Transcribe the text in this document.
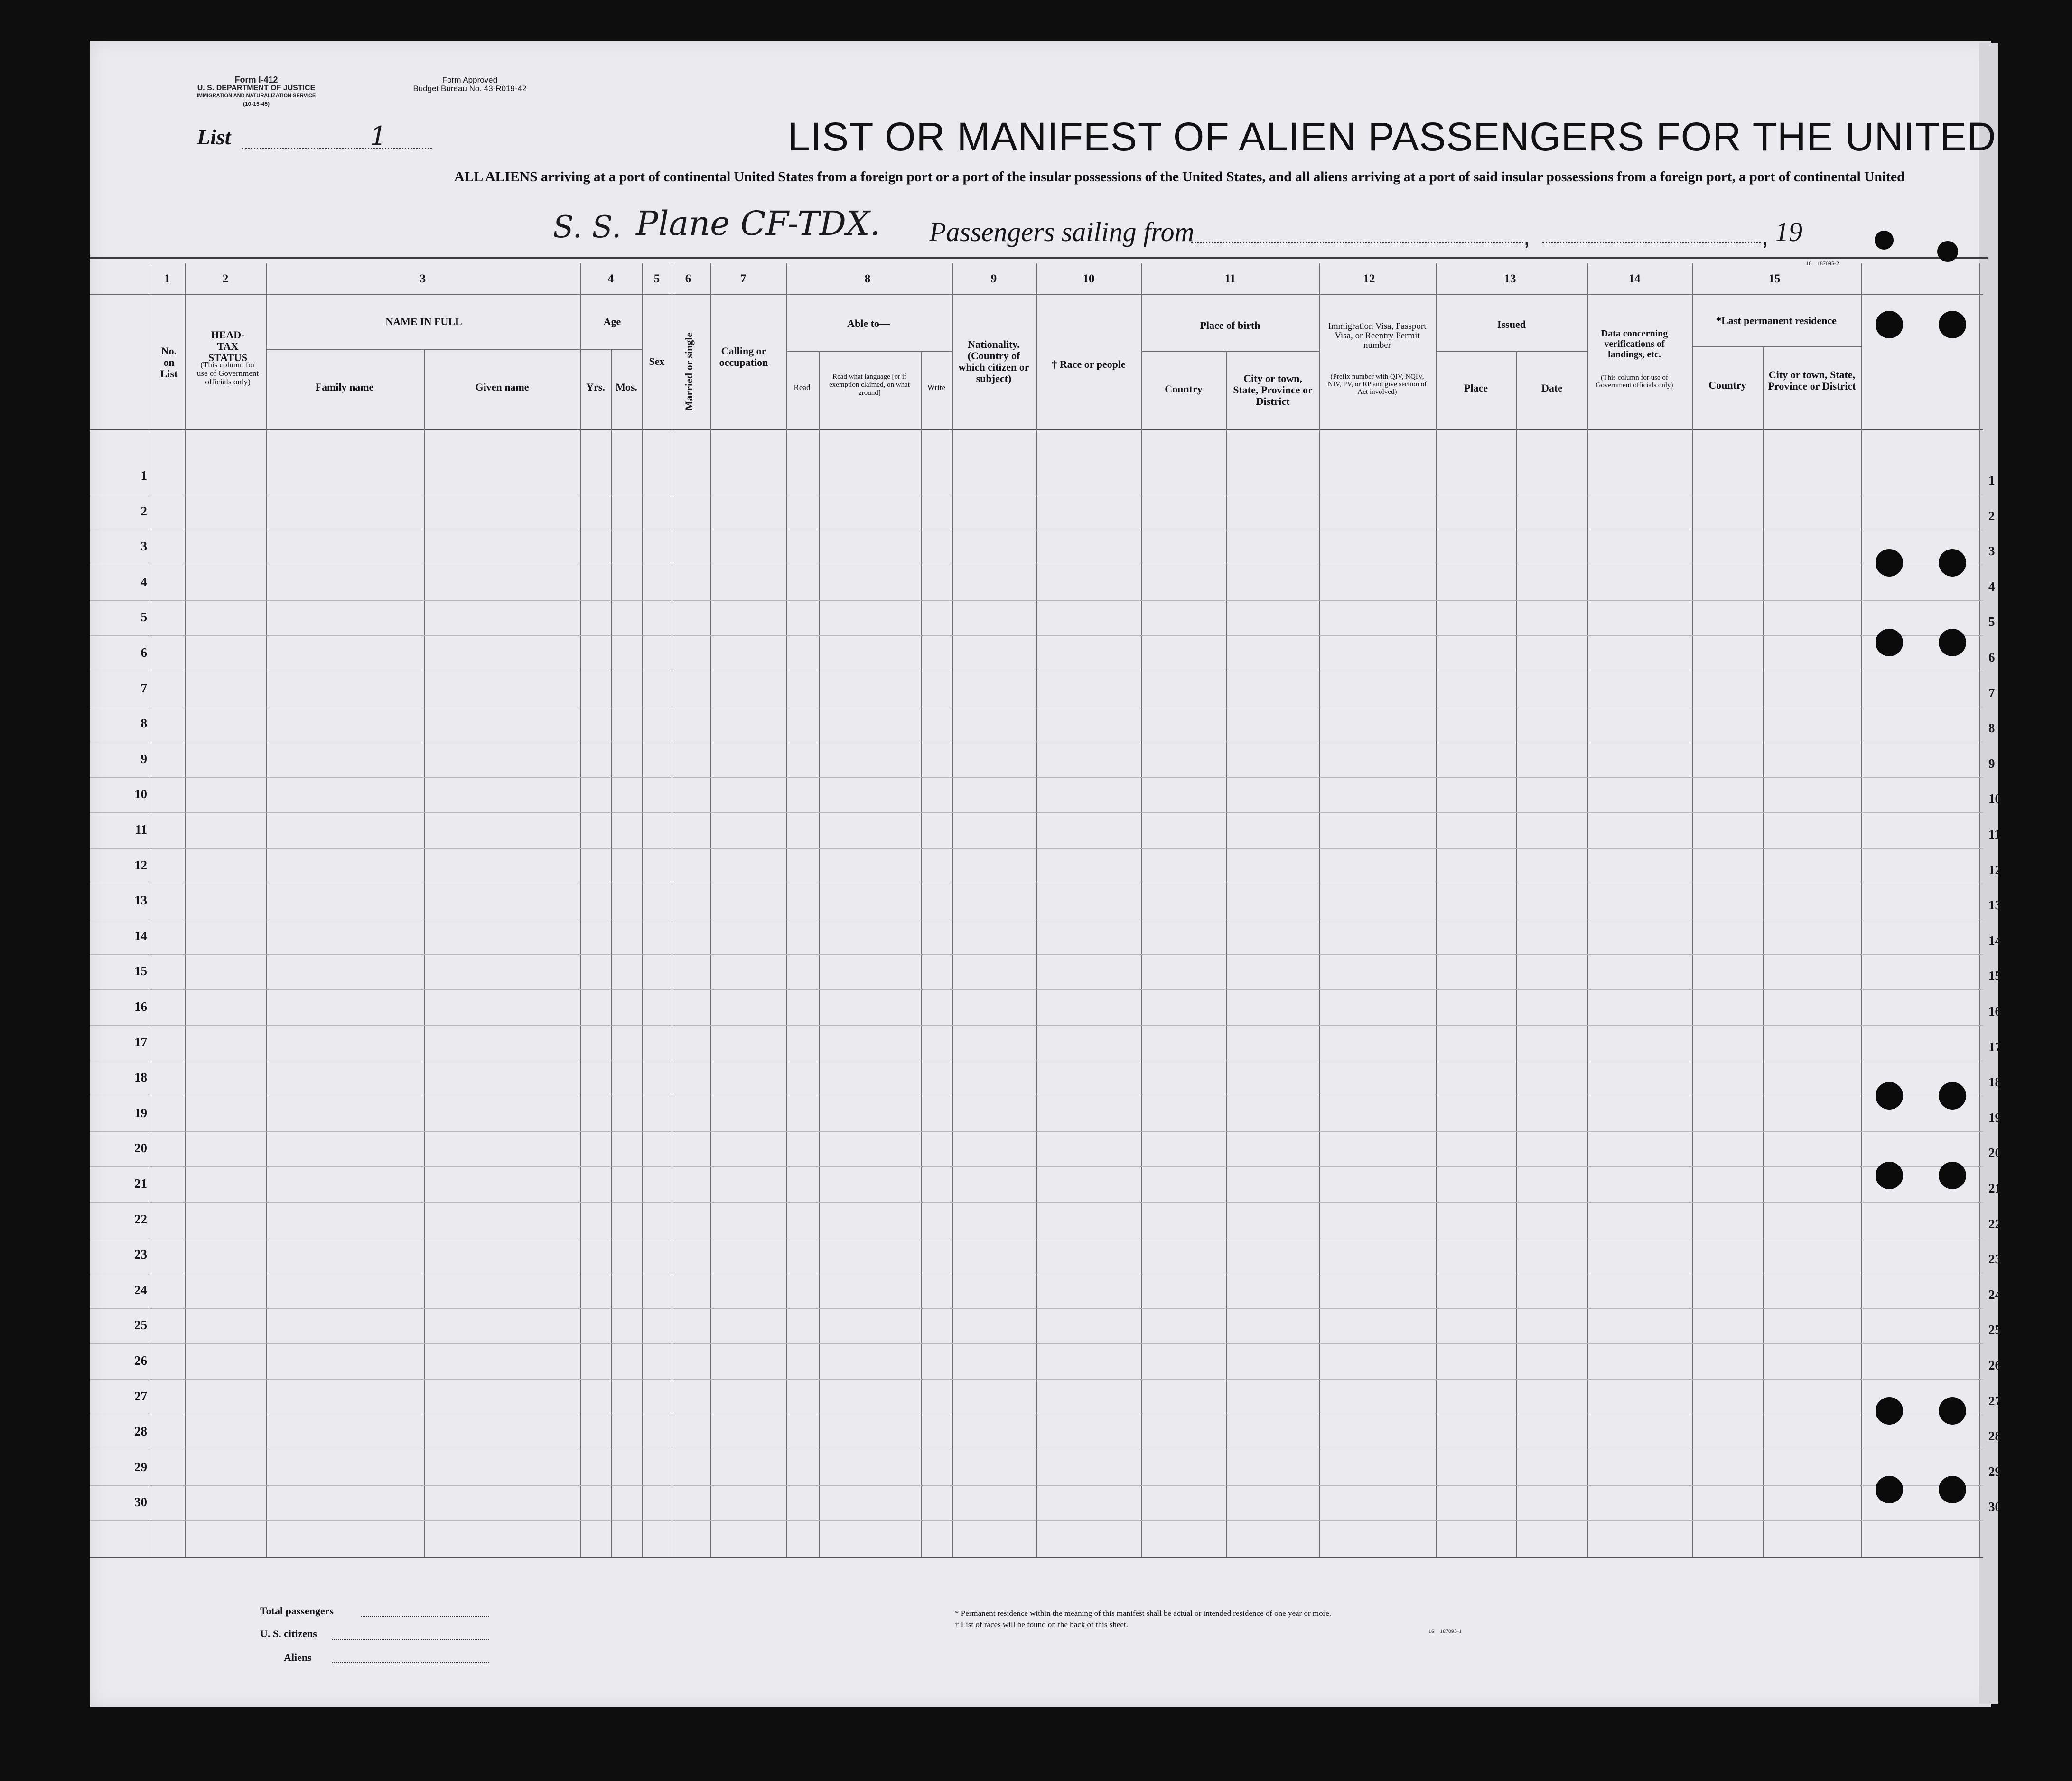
Form I-412
U. S. DEPARTMENT OF JUSTICE
IMMIGRATION AND NATURALIZATION SERVICE
(10-15-45)
Form Approved
Budget Bureau No. 43-R019-42
List	1	LIST OR MANIFEST OF ALIEN PASSENGERS FOR THE UNITED
ALL ALIENS arriving at a port of continental United States from a foreign port or a port of the insular possessions of the United States, and all aliens arriving at a port of said insular possessions from a foreign port, a port of continental United
S. S. Plane CF-TDX. Passengers sailing from	,	, 19
16—187095-2
1	2	3	4	5 6	7	8	9	10	11	12	13	14	15
No. on List
HEAD-TAX STATUS
(This column for use of Government officials only)
NAME IN FULL
Family name	Given name
Age
Yrs.	Mos.
Sex	Married or single	Calling or occupation
Able to—
Read
Read what language [or if exemption claimed, on what ground]
Write
Nationality. (Country of which citizen or subject)
† Race or people
Place of birth
Country
City or town, State, Province or District
Immigration Visa, Passport Visa, or Reentry Permit number
(Prefix number with QIV, NQIV, NIV, PV, or RP and give section of Act involved)
Issued
Place	Date
Data concerning verifications of landings, etc.
(This column for use of Government officials only)
*Last permanent residence
Country
City or town, State, Province or District
1	1
2	2
3	3
4	4
5	5
6	6
7	7
8	8
9	9
10	10
11	11
12	12
13	13
14	14
15	15
16	16
17	17
18	18
19	19
20	20
21	21
22	22
23	23
24	24
25	25
26	26
27	27
28	28
29	29
30	30
Total passengers
U. S. citizens
Aliens
* Permanent residence within the meaning of this manifest shall be actual or intended residence of one year or more.
† List of races will be found on the back of this sheet.
16—187095-1
